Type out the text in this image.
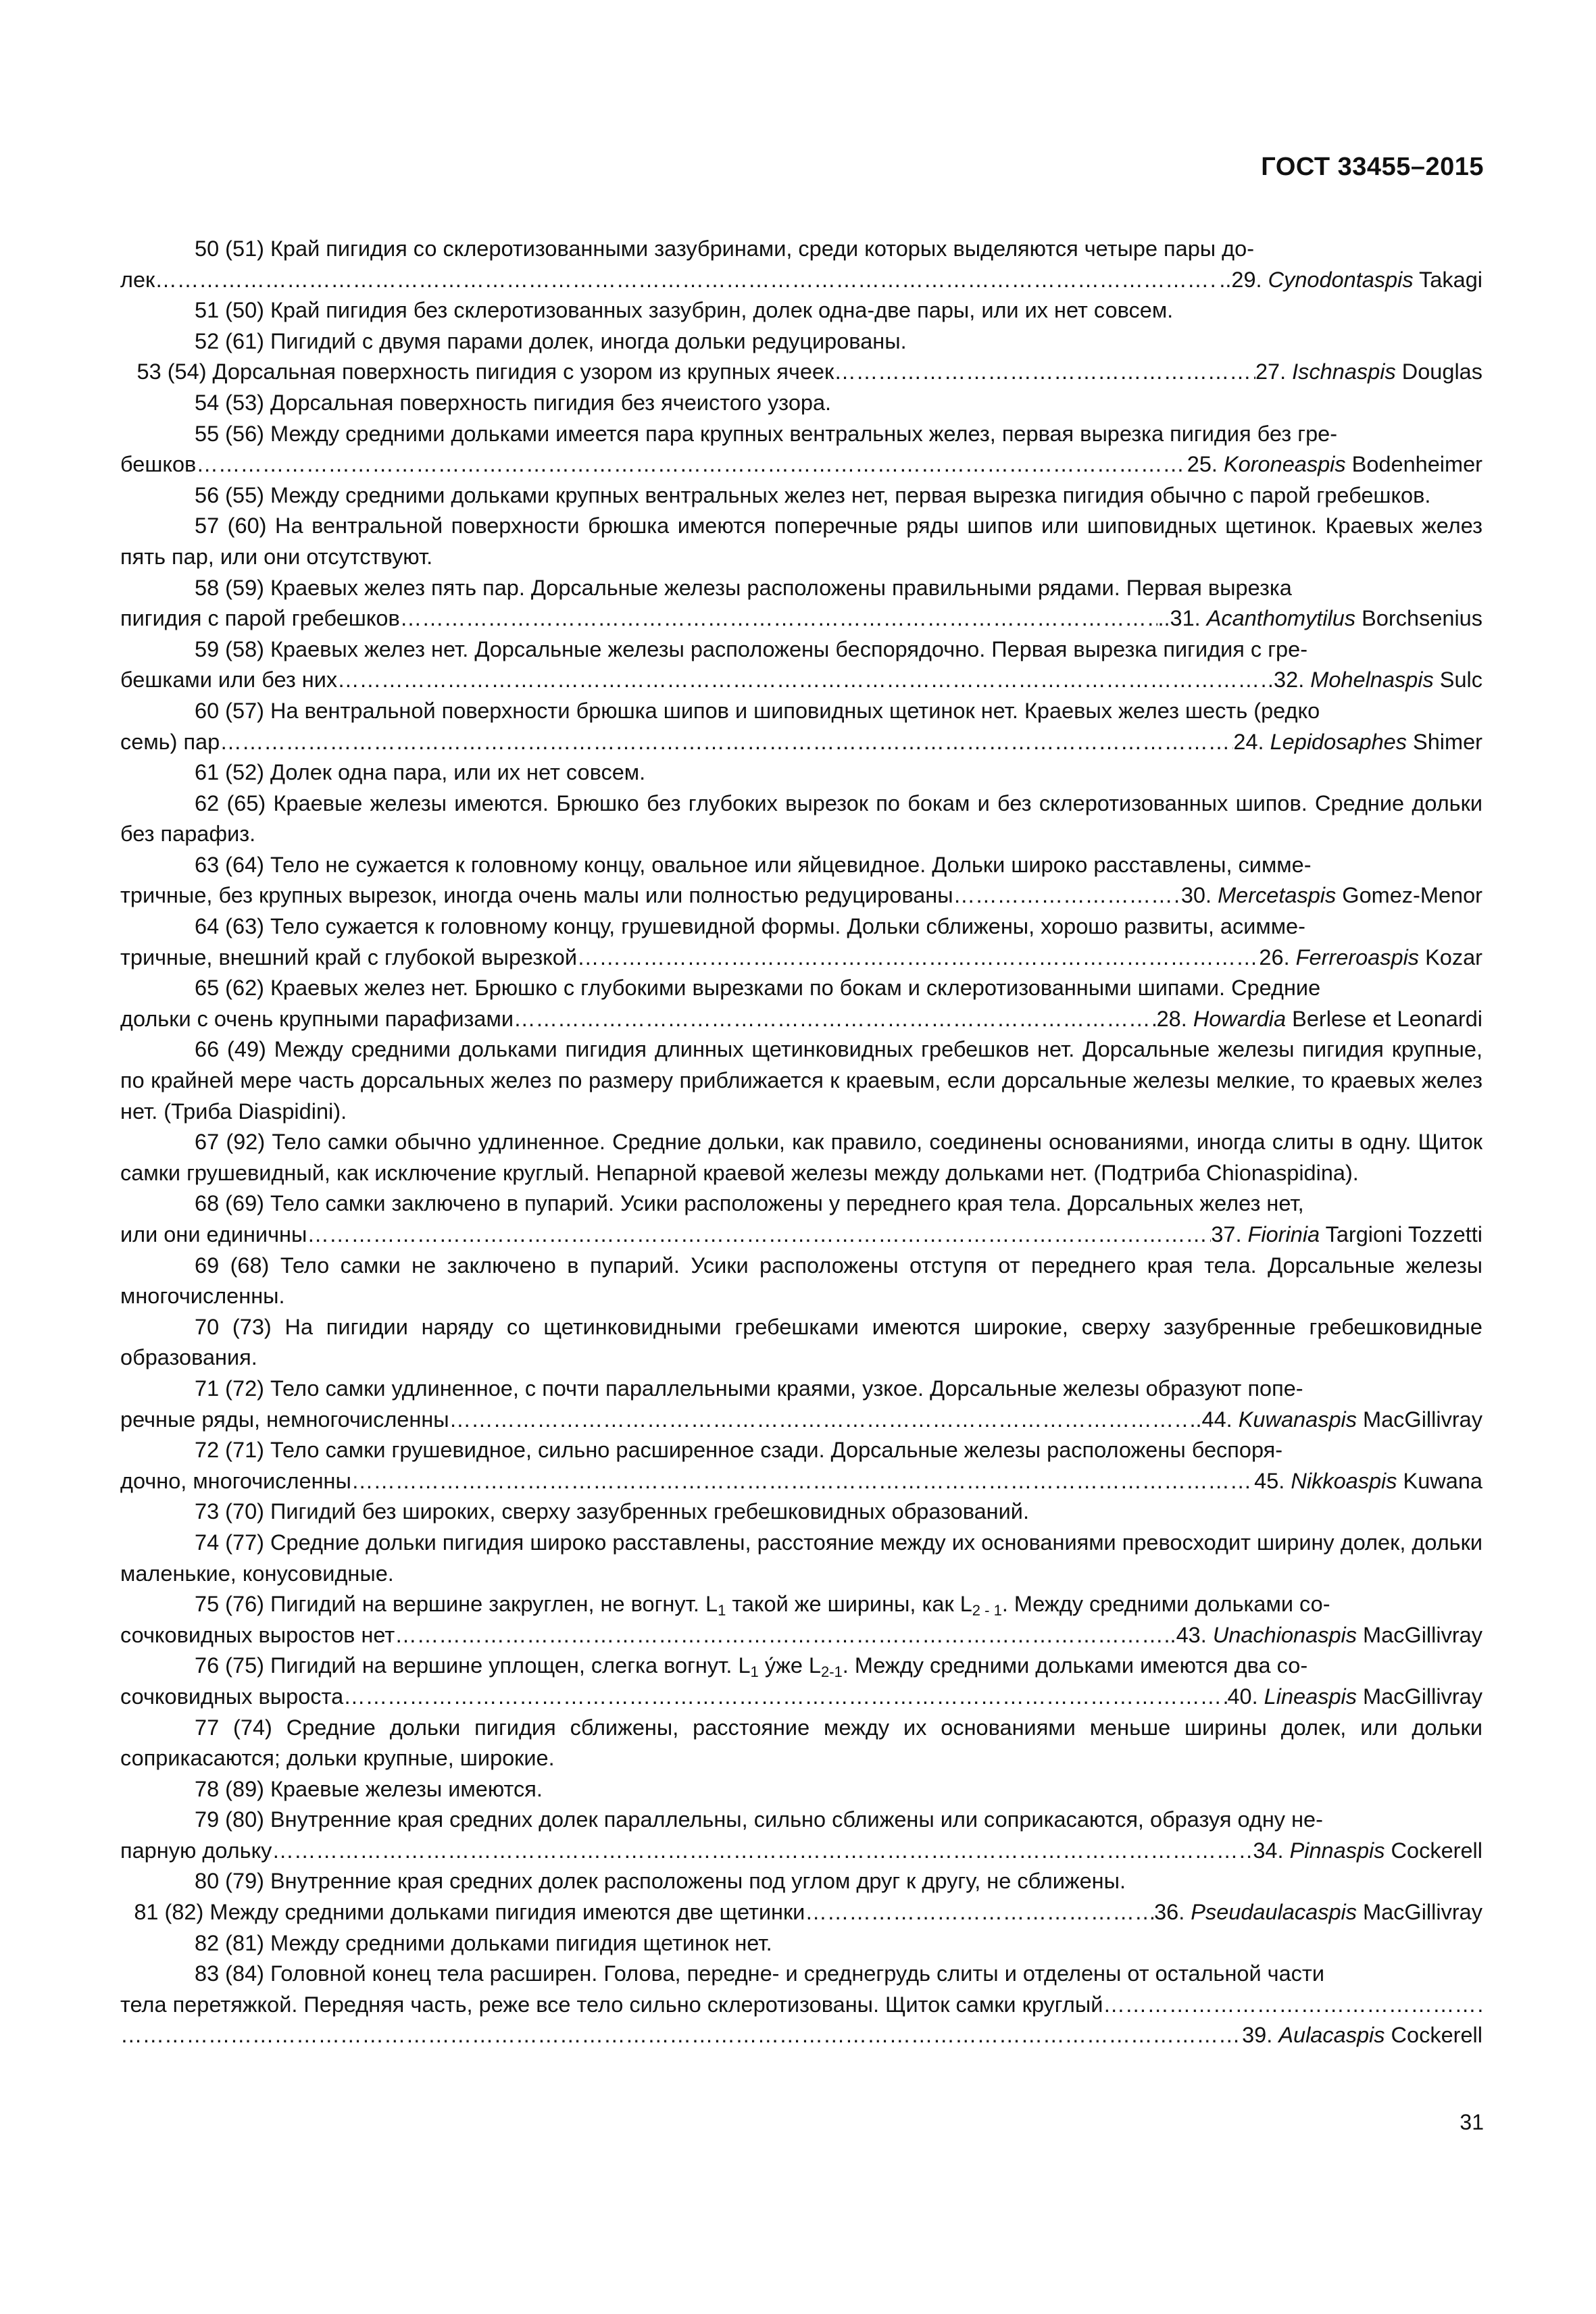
ГОСТ 33455–2015

50 (51) Край пигидия со склеротизованными зазубринами, среди которых выделяются четыре пары до-

лек ……………………………………………………………………………………………………………………………………………………………………………………………………………………………………	..29. Cynodontaspis Takagi

51 (50) Край пигидия без склеротизованных зазубрин, долек одна-две пары, или их нет совсем.

52 (61) Пигидий с двумя парами долек, иногда дольки редуцированы.

53 (54) Дорсальная поверхность пигидия с узором из крупных ячеек ……………………………………………………………………………………………………………………………………………………………………………………………………………………………………	27. Ischnaspis Douglas

54 (53) Дорсальная поверхность пигидия без ячеистого узора.

55 (56) Между средними дольками имеется пара крупных вентральных желез, первая вырезка пигидия без гре-

бешков ……………………………………………………………………………………………………………………………………………………………………………………………………………………………………	25. Koroneaspis Bodenheimer

56 (55) Между средними дольками крупных вентральных желез нет, первая вырезка пигидия обычно с парой гребешков.

57 (60) На вентральной поверхности брюшка имеются поперечные ряды шипов или шиповидных щетинок. Краевых желез пять пар, или они отсутствуют.

58 (59) Краевых желез пять пар. Дорсальные железы расположены правильными рядами. Первая вырезка

пигидия с парой гребешков ……………………………………………………………………………………………………………………………………………………………………………………………………………………………………	..31. Acanthomytilus Borchsenius

59 (58) Краевых желез нет. Дорсальные железы расположены беспорядочно. Первая вырезка пигидия с гре-

бешками или без них ……………………………………………………………………………………………………………………………………………………………………………………………………………………………………	32. Mohelnaspis Sulc

60 (57) На вентральной поверхности брюшка шипов и шиповидных щетинок нет. Краевых желез шесть (редко

семь) пар ……………………………………………………………………………………………………………………………………………………………………………………………………………………………………	24. Lepidosaphes Shimer

61 (52) Долек одна пара, или их нет совсем.

62 (65) Краевые железы имеются. Брюшко без глубоких вырезок по бокам и без склеротизованных шипов. Средние дольки без парафиз.

63 (64) Тело не сужается к головному концу, овальное или яйцевидное. Дольки широко расставлены, симме-

тричные, без крупных вырезок, иногда очень малы или полностью редуцированы ……………………………………………………………………………………………………………………………………………………………………………………………………………………………………	30. Mercetaspis Gomez-Menor

64 (63) Тело сужается к головному концу, грушевидной формы. Дольки сближены, хорошо развиты, асимме-

тричные, внешний край с глубокой вырезкой ……………………………………………………………………………………………………………………………………………………………………………………………………………………………………	26. Ferreroaspis Kozar

65 (62) Краевых желез нет. Брюшко с глубокими вырезками по бокам и склеротизованными шипами. Средние

дольки с очень крупными парафизами ……………………………………………………………………………………………………………………………………………………………………………………………………………………………………	28. Howardia Berlese et Leonardi

66 (49) Между средними дольками пигидия длинных щетинковидных гребешков нет. Дорсальные железы пигидия крупные, по крайней мере часть дорсальных желез по размеру приближается к краевым, если дорсальные железы мелкие, то краевых желез нет. (Триба Diaspidini).

67 (92) Тело самки обычно удлиненное. Средние дольки, как правило, соединены основаниями, иногда слиты в одну. Щиток самки грушевидный, как исключение круглый. Непарной краевой железы между дольками нет. (Подтриба Chionaspidina).

68 (69) Тело самки заключено в пупарий. Усики расположены у переднего края тела. Дорсальных желез нет,

или они единичны ……………………………………………………………………………………………………………………………………………………………………………………………………………………………………	37. Fiorinia Targioni Tozzetti

69 (68) Тело самки не заключено в пупарий. Усики расположены отступя от переднего края тела. Дорсальные железы многочисленны.

70 (73) На пигидии наряду со щетинковидными гребешками имеются широкие, сверху зазубренные гребешковидные образования.

71 (72) Тело самки удлиненное, с почти параллельными краями, узкое. Дорсальные железы образуют попе-

речные ряды, немногочисленны ……………………………………………………………………………………………………………………………………………………………………………………………………………………………………	..44. Kuwanaspis MacGillivray

72 (71) Тело самки грушевидное, сильно расширенное сзади. Дорсальные железы расположены беспоря-

дочно, многочисленны ……………………………………………………………………………………………………………………………………………………………………………………………………………………………………	45. Nikkoaspis Kuwana

73 (70) Пигидий без широких, сверху зазубренных гребешковидных образований.

74 (77) Средние дольки пигидия широко расставлены, расстояние между их основаниями превосходит ширину долек, дольки маленькие, конусовидные.

75 (76) Пигидий на вершине закруглен, не вогнут. $L_1$ такой же ширины, как $L_{2 - 1}$. Между средними дольками со-

сочковидных выростов нет ……………………………………………………………………………………………………………………………………………………………………………………………………………………………………	..43. Unachionaspis MacGillivray

76 (75) Пигидий на вершине уплощен, слегка вогнут. $L_1$ у́же $L_{2-1}$. Между средними дольками имеются два со-

сочковидных выроста ……………………………………………………………………………………………………………………………………………………………………………………………………………………………………	40. Lineaspis MacGillivray

77 (74) Средние дольки пигидия сближены, расстояние между их основаниями меньше ширины долек, или дольки соприкасаются; дольки крупные, широкие.

78 (89) Краевые железы имеются.

79 (80) Внутренние края средних долек параллельны, сильно сближены или соприкасаются, образуя одну не-

парную дольку ……………………………………………………………………………………………………………………………………………………………………………………………………………………………………	34. Pinnaspis Cockerell

80 (79) Внутренние края средних долек расположены под углом друг к другу, не сближены.

81 (82) Между средними дольками пигидия имеются две щетинки ……………………………………………………………………………………………………………………………………………………………………………………………………………………………………	36. Pseudaulacaspis MacGillivray

82 (81) Между средними дольками пигидия щетинок нет.

83 (84) Головной конец тела расширен. Голова, передне- и среднегрудь слиты и отделены от остальной части

тела перетяжкой. Передняя часть, реже все тело сильно склеротизованы. Щиток самки круглый
……………………………………………………………………………………………………………………………………………………………………………………………………………………………………
……………………………………………………………………………………………………………………………………………………………………………………………………………………………………
39. Aulacaspis Cockerell
31
